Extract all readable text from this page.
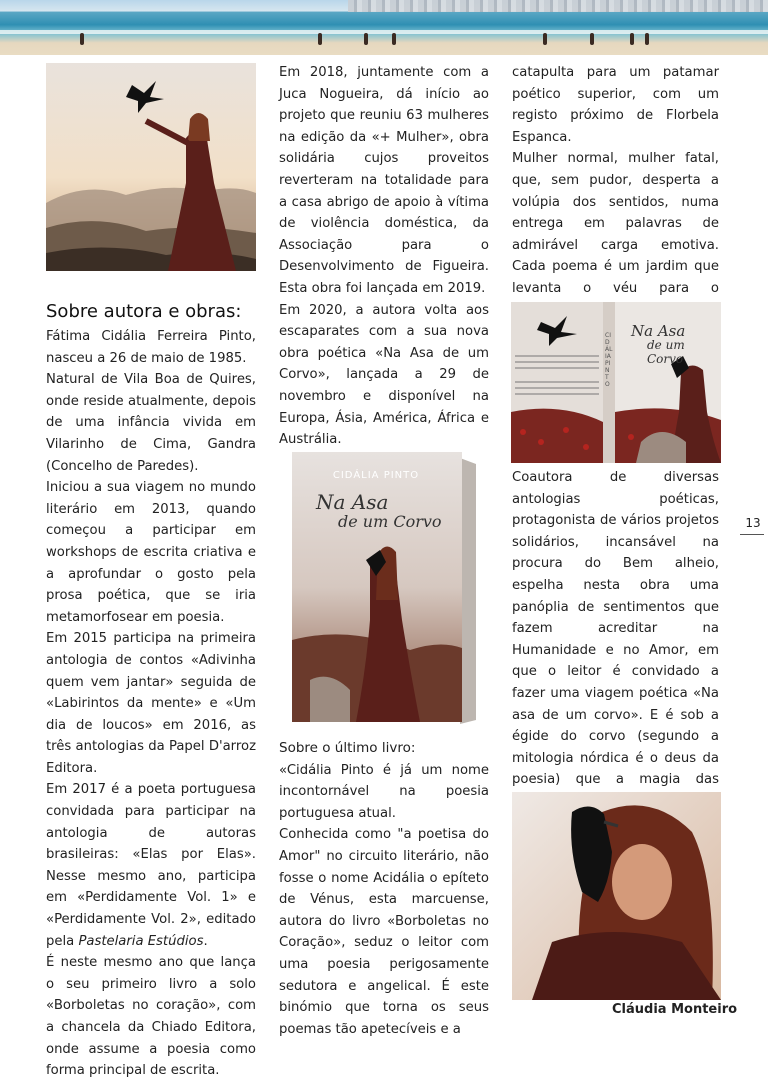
Sobre autora e obras:

Fátima Cidália Ferreira Pinto, nasceu a 26 de maio de 1985.

Natural de Vila Boa de Quires, onde reside atualmente, depois de uma infância vivida em Vilarinho de Cima, Gandra (Concelho de Paredes).

Iniciou a sua viagem no mundo literário em 2013, quando começou a participar em workshops de escrita criativa e a aprofundar o gosto pela prosa poética, que se iria metamorfosear em poesia.

Em 2015 participa na primeira antologia de contos «Adivinha quem vem jantar» seguida de «Labirintos da mente» e «Um dia de loucos» em 2016, as três antologias da Papel D'arroz Editora.

Em 2017 é a poeta portuguesa convidada para participar na antologia de autoras brasileiras: «Elas por Elas». Nesse mesmo ano, participa em «Perdidamente Vol. 1» e «Perdidamente Vol. 2», editado pela Pastelaria Estúdios.

É neste mesmo ano que lança o seu primeiro livro a solo «Borboletas no coração», com a chancela da Chiado Editora, onde assume a poesia como forma principal de escrita.

Em 2018, juntamente com a Juca Nogueira, dá início ao projeto que reuniu 63 mulheres na edição da «+ Mulher», obra solidária cujos proveitos reverteram na totalidade para a casa abrigo de apoio à vítima de violência doméstica, da Associação para o Desenvolvimento de Figueira. Esta obra foi lançada em 2019.

Em 2020, a autora volta aos escaparates com a sua nova obra poética «Na Asa de um Corvo», lançada a 29 de novembro e disponível na Europa, Ásia, América, África e Austrália.

CIDÁLIA PINTO
Na Asa
de um Corvo

Sobre o último livro:

«Cidália Pinto é já um nome incontornável na poesia portuguesa atual.

Conhecida como "a poetisa do Amor" no circuito literário, não fosse o nome Acidália o epíteto de Vénus, esta marcuense, autora do livro «Borboletas no Coração», seduz o leitor com uma poesia perigosamente sedutora e angelical. É este binómio que torna os seus poemas tão apetecíveis e a

catapulta para um patamar poético superior, com um registo próximo de Florbela Espanca.

Mulher normal, mulher fatal, que, sem pudor, desperta a volúpia dos sentidos, numa entrega em palavras de admirável carga emotiva. Cada poema é um jardim que levanta o véu para o

Na Asa
de um Corvo
CIDÁLIA PINTO

Coautora de diversas antologias poéticas, protagonista de vários projetos solidários, incansável na procura do Bem alheio, espelha nesta obra uma panóplia de sentimentos que fazem acreditar na Humanidade e no Amor, em que o leitor é convidado a fazer uma viagem poética «Na asa de um corvo». E é sob a égide do corvo (segundo a mitologia nórdica é o deus da poesia) que a magia das

Cláudia Monteiro
13
